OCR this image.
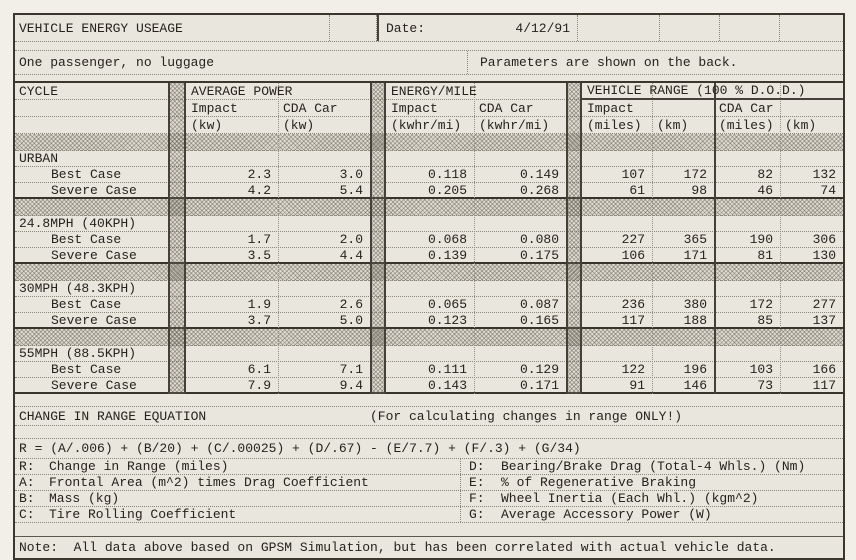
VEHICLE ENERGY USEAGE	Date:	4/12/91
One passenger, no luggage	Parameters are shown on the back.
CYCLE	AVERAGE POWER	ENERGY/MILE	VEHICLE RANGE (100 % D.O.D.)
Impact	CDA Car	Impact	CDA Car	Impact	CDA Car
(kw)	(kw)	(kwhr/mi)	(kwhr/mi)	(miles)	(km)	(miles) (km)
URBAN
Best Case	2.3	3.0	0.118	0.149	107	172	82	132
Severe Case	4.2	5.4	0.205	0.268	61	98	46	74
24.8MPH (40KPH)
Best Case	1.7	2.0	0.068	0.080	227	365	190	306
Severe Case	3.5	4.4	0.139	0.175	106	171	81	130
30MPH (48.3KPH)
Best Case	1.9	2.6	0.065	0.087	236	380	172	277
Severe Case	3.7	5.0	0.123	0.165	117	188	85	137
55MPH (88.5KPH)
Best Case	6.1	7.1	0.111	0.129	122	196	103	166
Severe Case	7.9	9.4	0.143	0.171	91	146	73	117
CHANGE IN RANGE EQUATION	(For calculating changes in range ONLY!)
R = (A/.006) + (B/20) + (C/.00025) + (D/.67) - (E/7.7) + (F/.3) + (G/34)
R:	Change in Range (miles)	D:	Bearing/Brake Drag (Total-4 Whls.) (Nm)
A:	Frontal Area (m^2) times Drag Coefficient	E:	% of Regenerative Braking
B:	Mass (kg)	F:	Wheel Inertia (Each Whl.) (kgm^2)
C:	Tire Rolling Coefficient	G:	Average Accessory Power (W)
Note:  All data above based on GPSM Simulation, but has been correlated with actual vehicle data.
